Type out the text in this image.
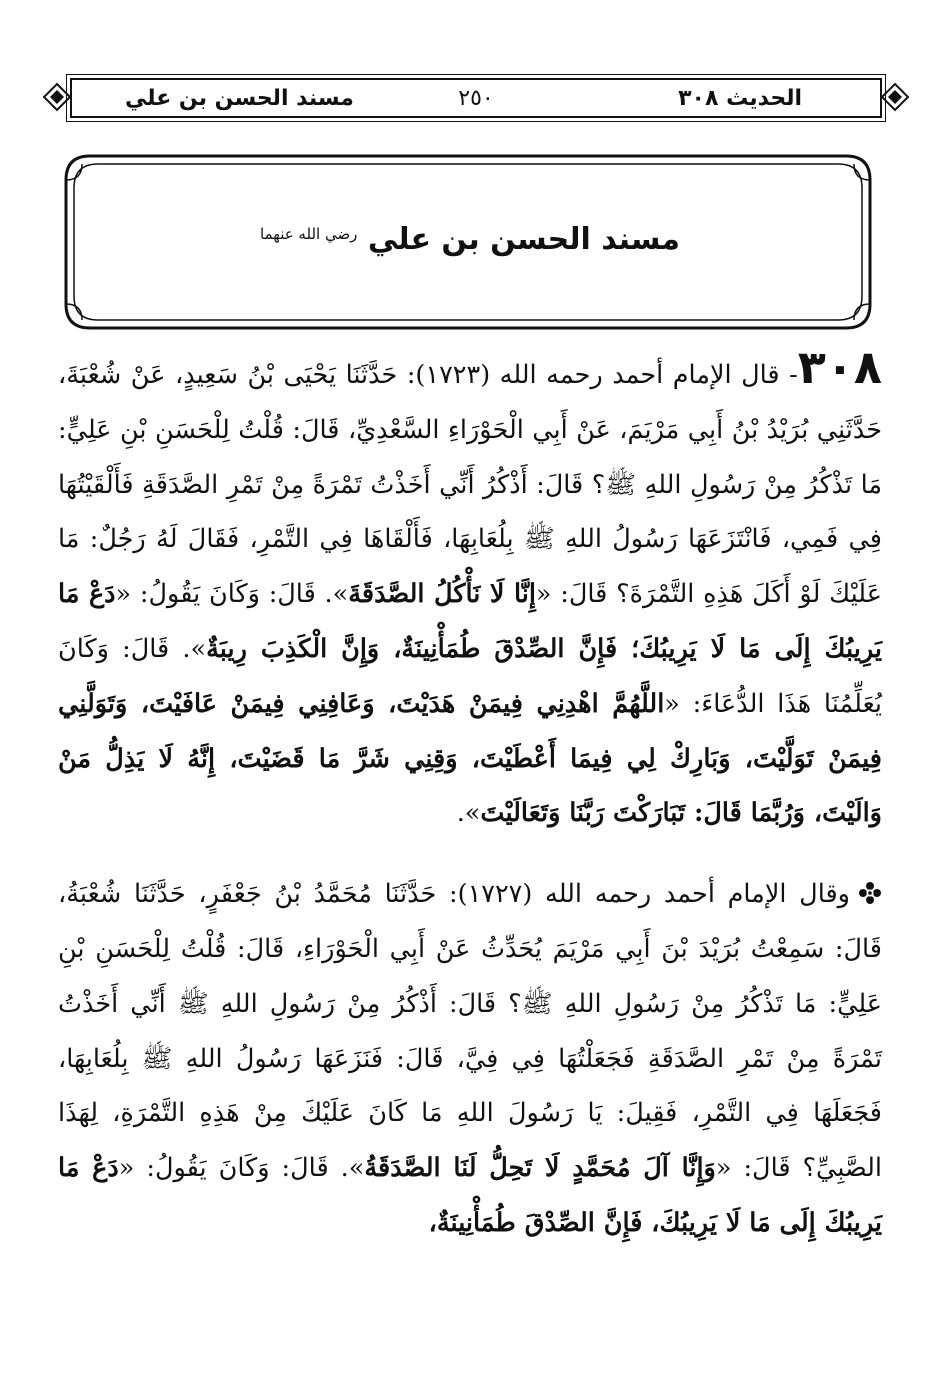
الحديث ٣٠٨
٢٥٠
مسند الحسن بن علي
مسند الحسن بن علي $^{رضي الله عنهما}$

٣٠٨- قال الإمام أحمد رحمه الله (١٧٢٣): حَدَّثَنَا يَحْيَى بْنُ سَعِيدٍ، عَنْ شُعْبَةَ، حَدَّثَنِي بُرَيْدُ بْنُ أَبِي مَرْيَمَ، عَنْ أَبِي الْحَوْرَاءِ السَّعْدِيِّ، قَالَ: قُلْتُ لِلْحَسَنِ بْنِ عَلِيٍّ: مَا تَذْكُرُ مِنْ رَسُولِ اللهِ ﷺ؟ قَالَ: أَذْكُرُ أَنِّي أَخَذْتُ تَمْرَةً مِنْ تَمْرِ الصَّدَقَةِ فَأَلْقَيْتُهَا فِي فَمِي، فَانْتَزَعَهَا رَسُولُ اللهِ ﷺ بِلُعَابِهَا، فَأَلْقَاهَا فِي التَّمْرِ، فَقَالَ لَهُ رَجُلٌ: مَا عَلَيْكَ لَوْ أَكَلَ هَذِهِ التَّمْرَةَ؟ قَالَ: «إِنَّا لَا نَأْكُلُ الصَّدَقَةَ». قَالَ: وَكَانَ يَقُولُ: «دَعْ مَا يَرِيبُكَ إِلَى مَا لَا يَرِيبُكَ؛ فَإِنَّ الصِّدْقَ طُمَأْنِينَةٌ، وَإِنَّ الْكَذِبَ رِيبَةٌ». قَالَ: وَكَانَ يُعَلِّمُنَا هَذَا الدُّعَاءَ: «اللَّهُمَّ اهْدِنِي فِيمَنْ هَدَيْتَ، وَعَافِنِي فِيمَنْ عَافَيْتَ، وَتَوَلَّنِي فِيمَنْ تَوَلَّيْتَ، وَبَارِكْ لِي فِيمَا أَعْطَيْتَ، وَقِنِي شَرَّ مَا قَضَيْتَ، إِنَّهُ لَا يَذِلُّ مَنْ وَالَيْتَ، وَرُبَّمَا قَالَ: تَبَارَكْتَ رَبَّنَا وَتَعَالَيْتَ».

وقال الإمام أحمد رحمه الله (١٧٢٧): حَدَّثَنَا مُحَمَّدُ بْنُ جَعْفَرٍ، حَدَّثَنَا شُعْبَةُ، قَالَ: سَمِعْتُ بُرَيْدَ بْنَ أَبِي مَرْيَمَ يُحَدِّثُ عَنْ أَبِي الْحَوْرَاءِ، قَالَ: قُلْتُ لِلْحَسَنِ بْنِ عَلِيٍّ: مَا تَذْكُرُ مِنْ رَسُولِ اللهِ ﷺ؟ قَالَ: أَذْكُرُ مِنْ رَسُولِ اللهِ ﷺ أَنِّي أَخَذْتُ تَمْرَةً مِنْ تَمْرِ الصَّدَقَةِ فَجَعَلْتُهَا فِي فِيَّ، قَالَ: فَنَزَعَهَا رَسُولُ اللهِ ﷺ بِلُعَابِهَا، فَجَعَلَهَا فِي التَّمْرِ، فَقِيلَ: يَا رَسُولَ اللهِ مَا كَانَ عَلَيْكَ مِنْ هَذِهِ التَّمْرَةِ، لِهَذَا الصَّبِيِّ؟ قَالَ: «وَإِنَّا آلَ مُحَمَّدٍ لَا تَحِلُّ لَنَا الصَّدَقَةُ». قَالَ: وَكَانَ يَقُولُ: «دَعْ مَا يَرِيبُكَ إِلَى مَا لَا يَرِيبُكَ، فَإِنَّ الصِّدْقَ طُمَأْنِينَةٌ،
